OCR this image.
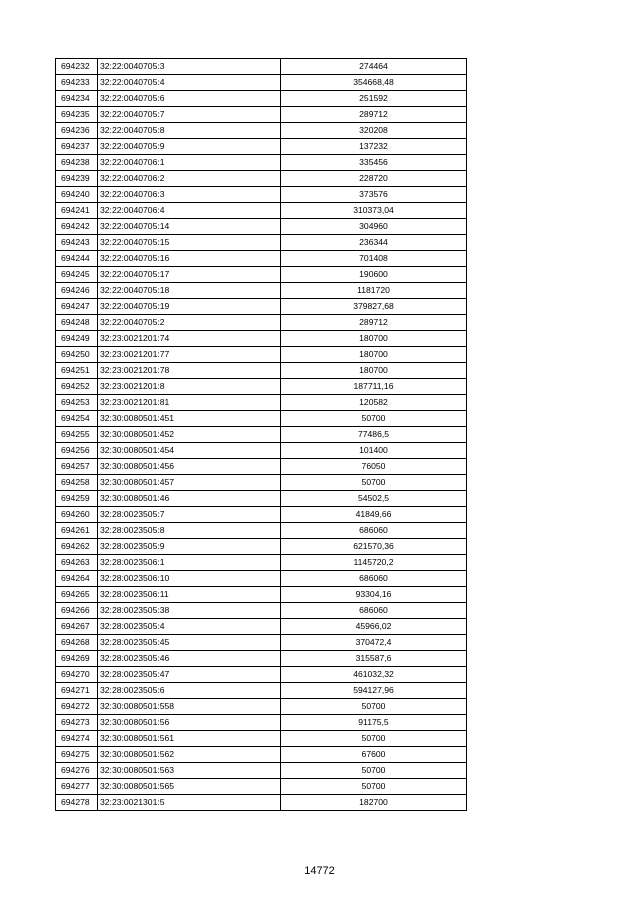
694232	32:22:0040705:3	274464
694233	32:22:0040705:4	354668,48
694234	32:22:0040705:6	251592
694235	32:22:0040705:7	289712
694236	32:22:0040705:8	320208
694237	32:22:0040705:9	137232
694238	32:22:0040706:1	335456
694239	32:22:0040706:2	228720
694240	32:22:0040706:3	373576
694241	32:22:0040706:4	310373,04
694242	32:22:0040705:14	304960
694243	32:22:0040705:15	236344
694244	32:22:0040705:16	701408
694245	32:22:0040705:17	190600
694246	32:22:0040705:18	1181720
694247	32:22:0040705:19	379827,68
694248	32:22:0040705:2	289712
694249	32:23:0021201:74	180700
694250	32:23:0021201:77	180700
694251	32:23:0021201:78	180700
694252	32:23:0021201:8	187711,16
694253	32:23:0021201:81	120582
694254	32:30:0080501:451	50700
694255	32:30:0080501:452	77486,5
694256	32:30:0080501:454	101400
694257	32:30:0080501:456	76050
694258	32:30:0080501:457	50700
694259	32:30:0080501:46	54502,5
694260	32:28:0023505:7	41849,66
694261	32:28:0023505:8	686060
694262	32:28:0023505:9	621570,36
694263	32:28:0023506:1	1145720,2
694264	32:28:0023506:10	686060
694265	32:28:0023506:11	93304,16
694266	32:28:0023505:38	686060
694267	32:28:0023505:4	45966,02
694268	32:28:0023505:45	370472,4
694269	32:28:0023505:46	315587,6
694270	32:28:0023505:47	461032,32
694271	32:28:0023505:6	594127,96
694272	32:30:0080501:558	50700
694273	32:30:0080501:56	91175,5
694274	32:30:0080501:561	50700
694275	32:30:0080501:562	67600
694276	32:30:0080501:563	50700
694277	32:30:0080501:565	50700
694278	32:23:0021301:5	182700
14772
